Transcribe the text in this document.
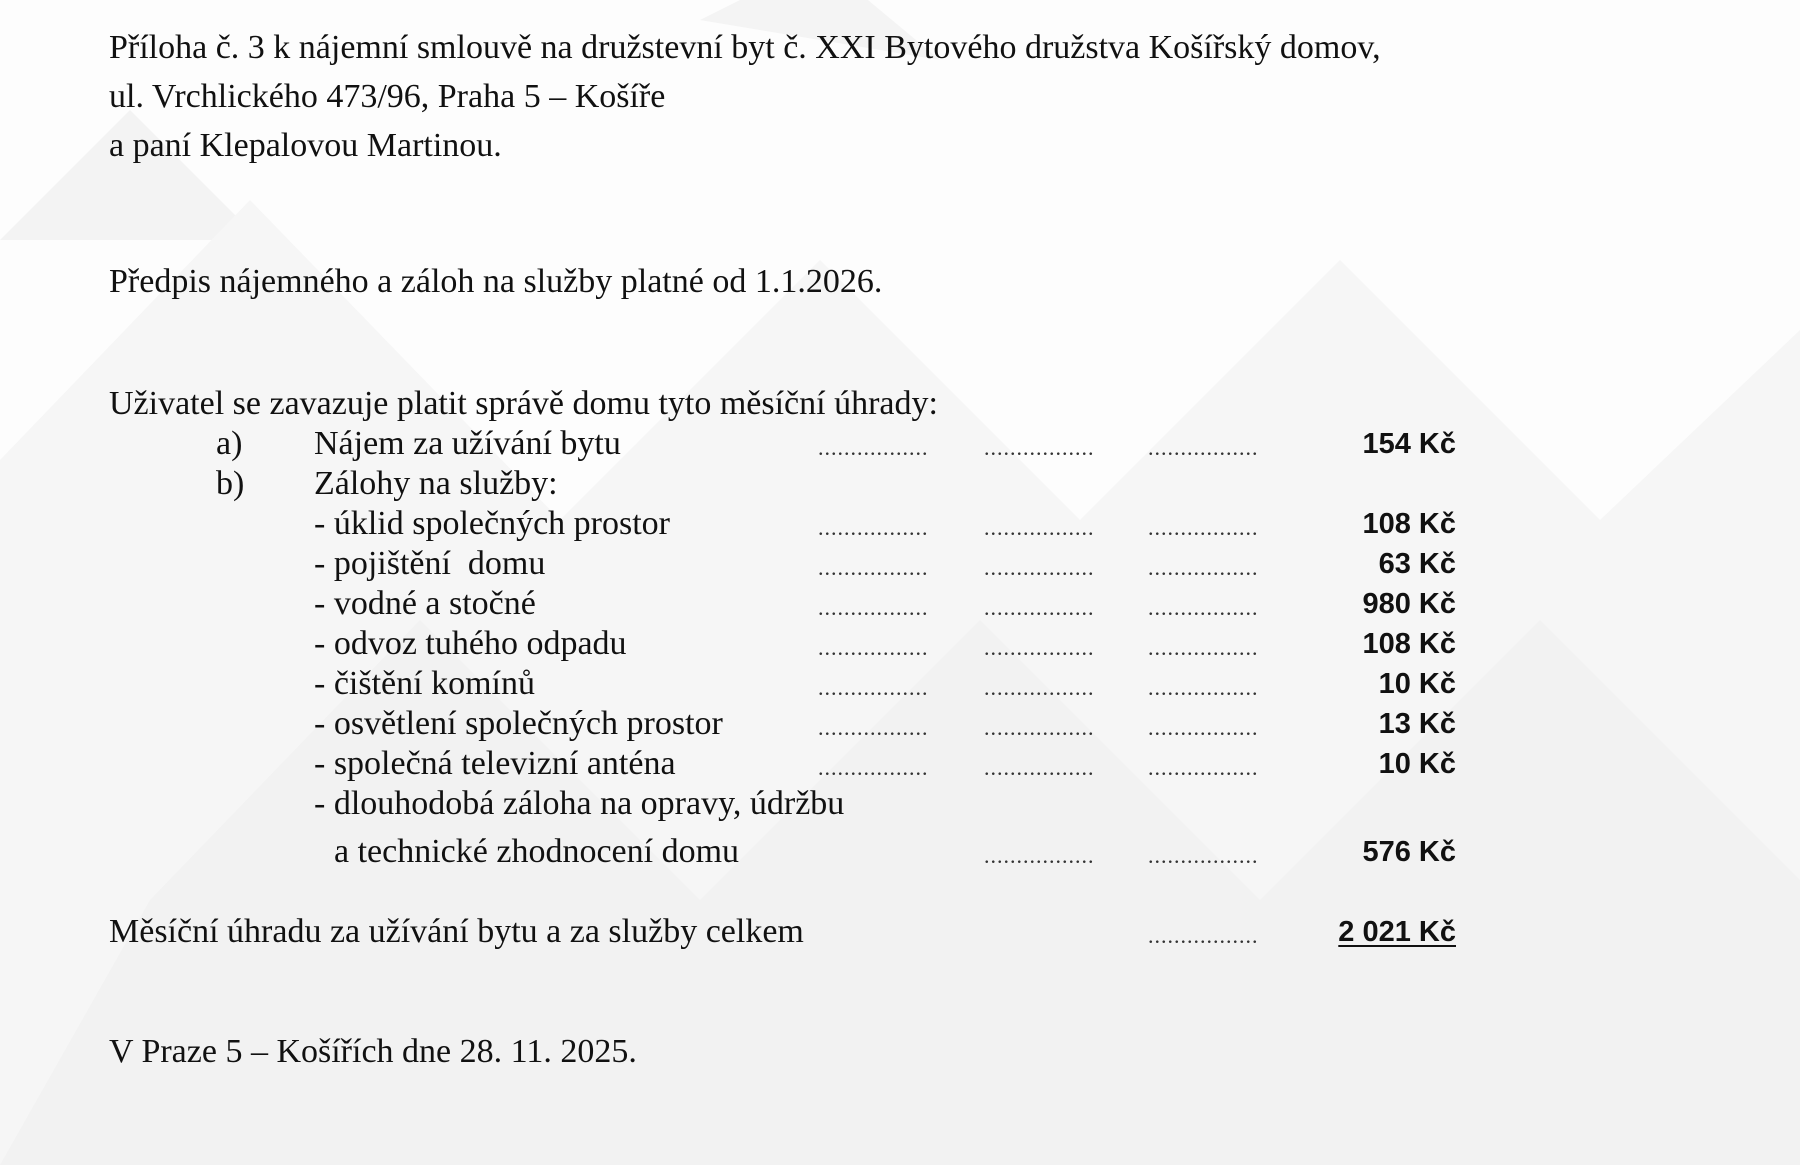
Příloha č. 3 k nájemní smlouvě na družstevní byt č. XXI Bytového družstva Košířský domov,
ul. Vrchlického 473/96, Praha 5 – Košíře
a paní Klepalovou Martinou.
Předpis nájemného a záloh na služby platné od 1.1.2026.
Uživatel se zavazuje platit správě domu tyto měsíční úhrady:
a) Nájem za užívání bytu	.................	.................	.................	154 Kč
b) Zálohy na služby:
- úklid společných prostor	.................	.................	.................	108 Kč
- pojištění  domu	.................	.................	.................	63 Kč
- vodné a stočné	.................	.................	.................	980 Kč
- odvoz tuhého odpadu	.................	.................	.................	108 Kč
- čištění komínů	.................	.................	.................	10 Kč
- osvětlení společných prostor	.................	.................	.................	13 Kč
- společná televizní anténa	.................	.................	.................	10 Kč
- dlouhodobá záloha na opravy, údržbu
a technické zhodnocení domu	.................	.................	576 Kč
Měsíční úhradu za užívání bytu a za služby celkem	.................	2 021 Kč
V Praze 5 – Košířích dne 28. 11. 2025.
